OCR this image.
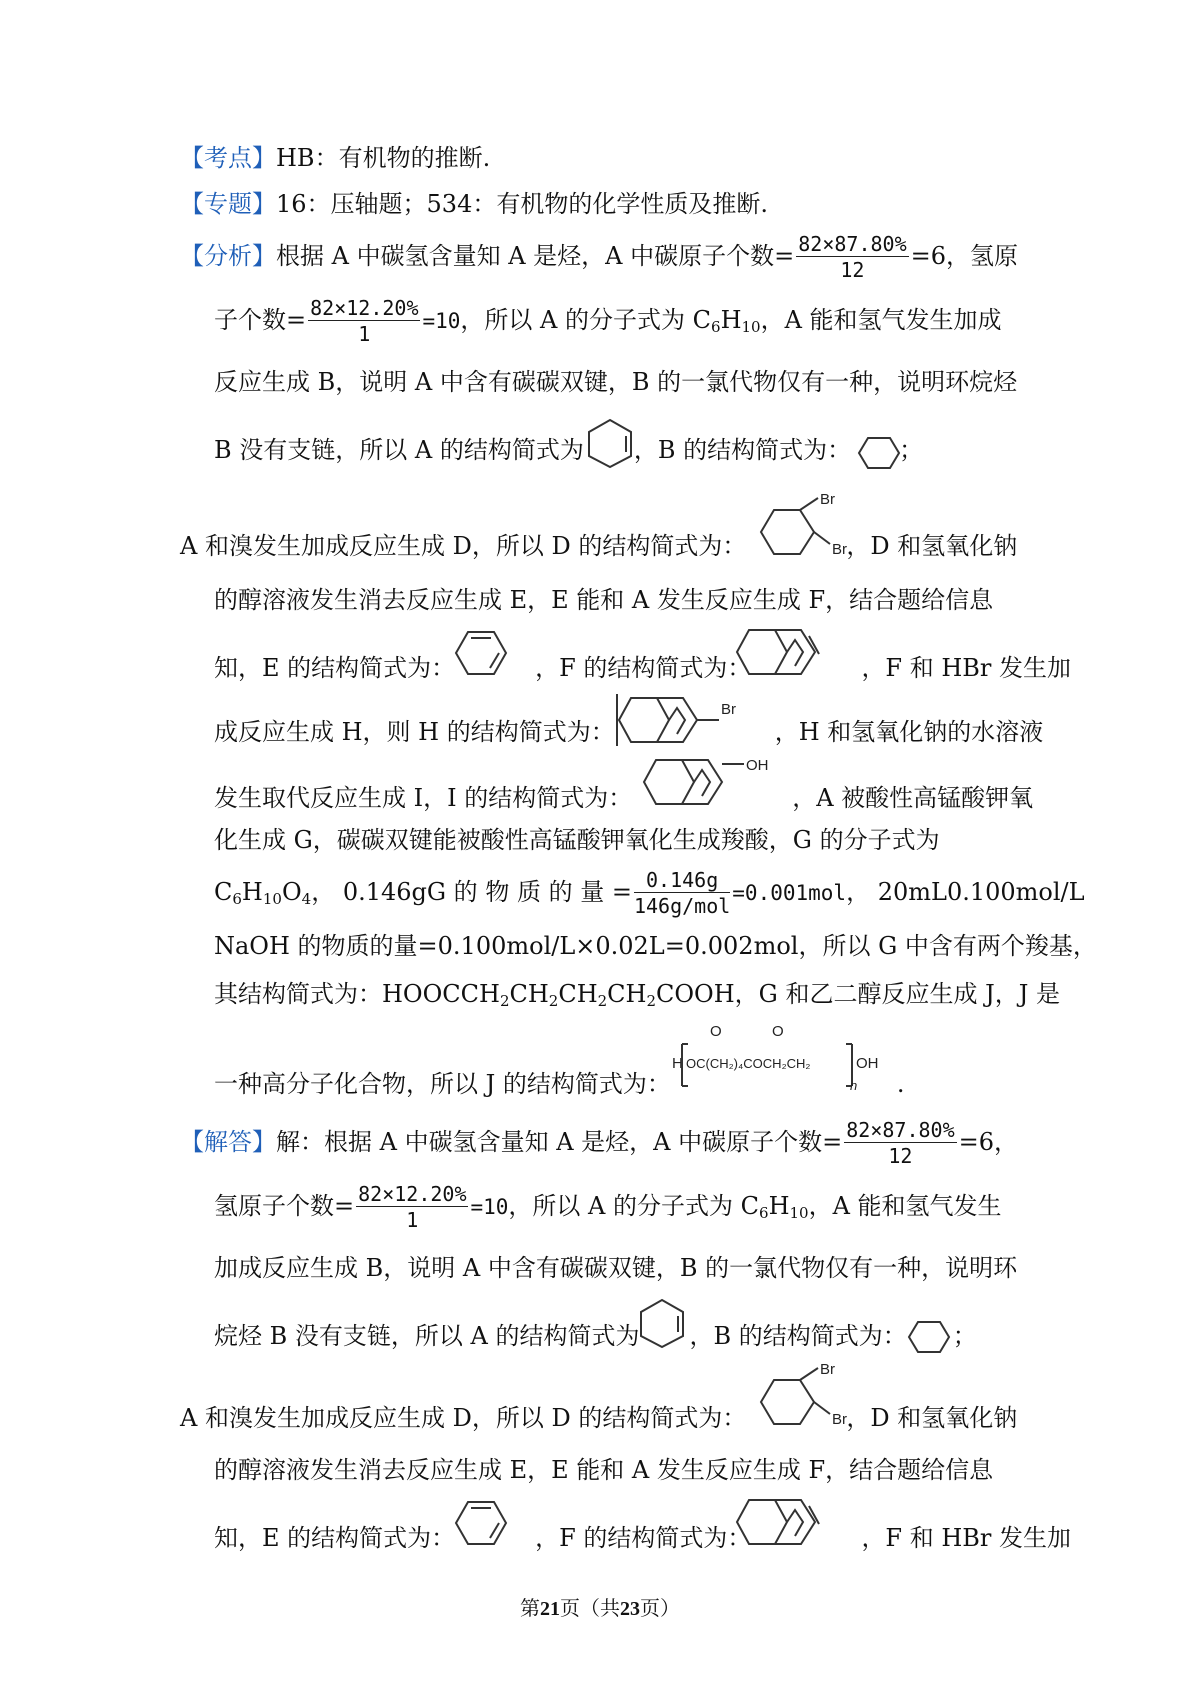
【考点】HB：有机物的推断.
【专题】16：压轴题；534：有机物的化学性质及推断.
【分析】根据 A 中碳氢含量知 A 是烃，A 中碳原子个数= $\frac{82\times 87.80\%}{12} =6$，氢原
子个数= $\frac{82\times 12.20\%}{1} =10$，所以 A 的分子式为 $C_6H_{10}$，A 能和氢气发生加成
反应生成 B，说明 A 中含有碳碳双键，B 的一氯代物仅有一种，说明环烷烃
B 没有支链，所以 A 的结构简式为 ，B 的结构简式为： ；
A 和溴发生加成反应生成 D，所以 D 的结构简式为：	，D 和氢氧化钠
的醇溶液发生消去反应生成 E，E 能和 A 发生反应生成 F，结合题给信息
知，E 的结构简式为：	，F 的结构简式为：	，F 和 HBr 发生加
成反应生成 H，则 H 的结构简式为：	，H 和氢氧化钠的水溶液
发生取代反应生成 I，I 的结构简式为：	，A 被酸性高锰酸钾氧
化生成 G，碳碳双键能被酸性高锰酸钾氧化生成羧酸，G 的分子式为
$C_6H_{10}O_4$， 0.146gG 的 物 质 的 量 = $\frac{0.146g}{\text{146g/mol}} =0.001mol$， 20mL0.100mol/L
NaOH 的物质的量=0.100mol/L×0.02L=0.002mol，所以 G 中含有两个羧基，
其结构简式为：$HOOCCH_2CH_2CH_2CH_2COOH$，G 和乙二醇反应生成 J，J 是
一种高分子化合物，所以 J 的结构简式为：	.
【解答】解：根据 A 中碳氢含量知 A 是烃，A 中碳原子个数= $\frac{82\times 87.80\%}{12} =6$，
氢原子个数= $\frac{82\times 12.20\%}{1} =10$，所以 A 的分子式为 $C_6H_{10}$，A 能和氢气发生
加成反应生成 B，说明 A 中含有碳碳双键，B 的一氯代物仅有一种，说明环
烷烃 B 没有支链，所以 A 的结构简式为 ，B 的结构简式为： ；
A 和溴发生加成反应生成 D，所以 D 的结构简式为：	，D 和氢氧化钠
的醇溶液发生消去反应生成 E，E 能和 A 发生反应生成 F，结合题给信息
知，E 的结构简式为：	，F 的结构简式为：	，F 和 HBr 发生加
Br
Br
Br
OH
H
O	O
OC(CH₂)₄COCH₂CH₂	OH
n
Br
Br
第21页（共23页）
